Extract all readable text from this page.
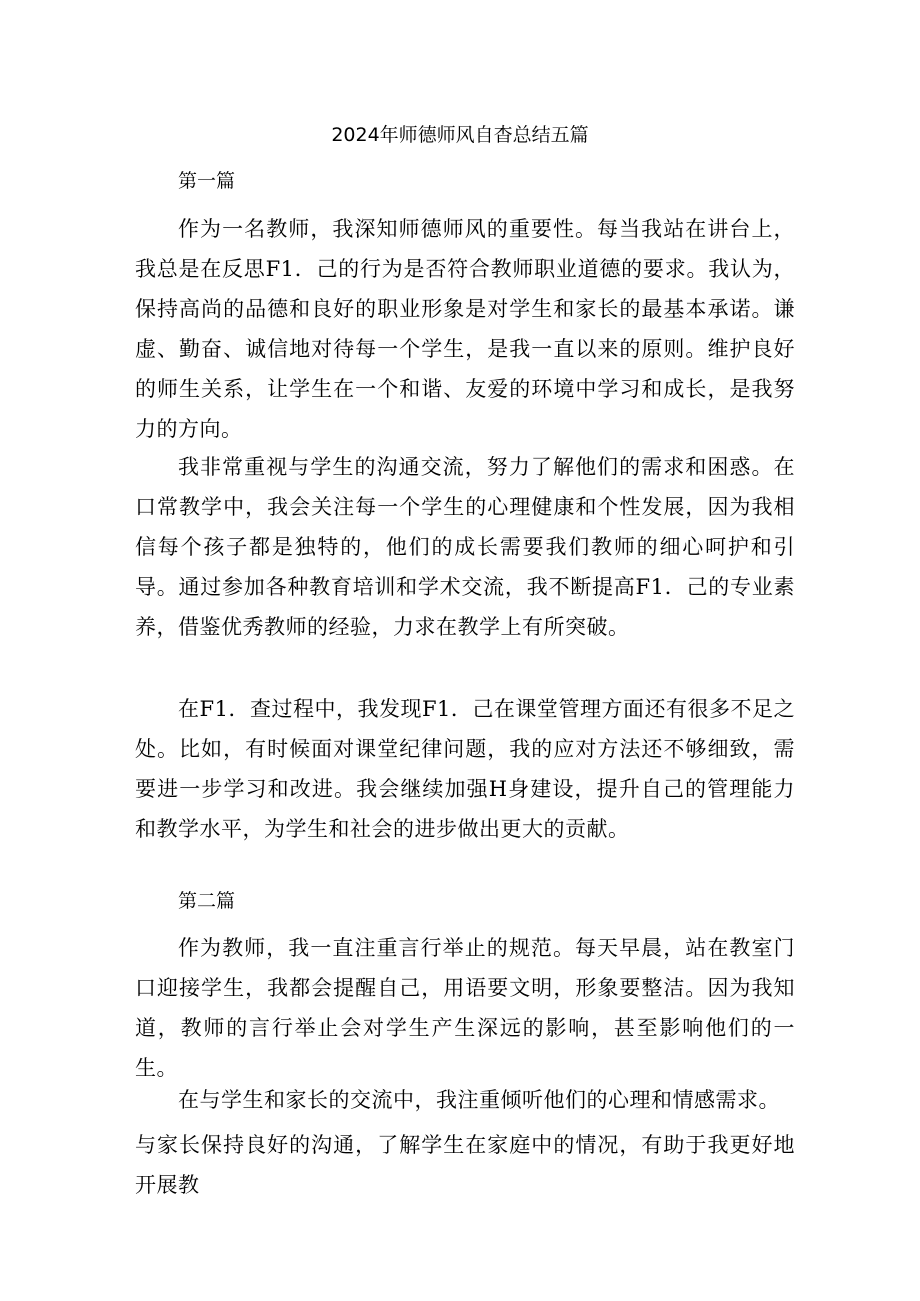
2024年师德师风自杳总结五篇
第一篇

作为一名教师，我深知师德师风的重要性。每当我站在讲台上，我总是在反思F1．己的行为是否符合教师职业道德的要求。我认为，保持高尚的品德和良好的职业形象是对学生和家长的最基本承诺。谦虚、勤奋、诚信地对待每一个学生，是我一直以来的原则。维护良好的师生关系，让学生在一个和谐、友爱的环境中学习和成长，是我努力的方向。

我非常重视与学生的沟通交流，努力了解他们的需求和困惑。在口常教学中，我会关注每一个学生的心理健康和个性发展，因为我相信每个孩子都是独特的，他们的成长需要我们教师的细心呵护和引导。通过参加各种教育培训和学术交流，我不断提高F1．己的专业素养，借鉴优秀教师的经验，力求在教学上有所突破。

在F1．查过程中，我发现F1．己在课堂管理方面还有很多不足之处。比如，有时候面对课堂纪律问题，我的应对方法还不够细致，需要进一步学习和改进。我会继续加强H身建设，提升自己的管理能力和教学水平，为学生和社会的进步做出更大的贡献。

第二篇

作为教师，我一直注重言行举止的规范。每天早晨，站在教室门口迎接学生，我都会提醒自己，用语要文明，形象要整洁。因为我知道，教师的言行举止会对学生产生深远的影响，甚至影响他们的一生。

在与学生和家长的交流中，我注重倾听他们的心理和情感需求。

与家长保持良好的沟通，了解学生在家庭中的情况，有助于我更好地开展教
